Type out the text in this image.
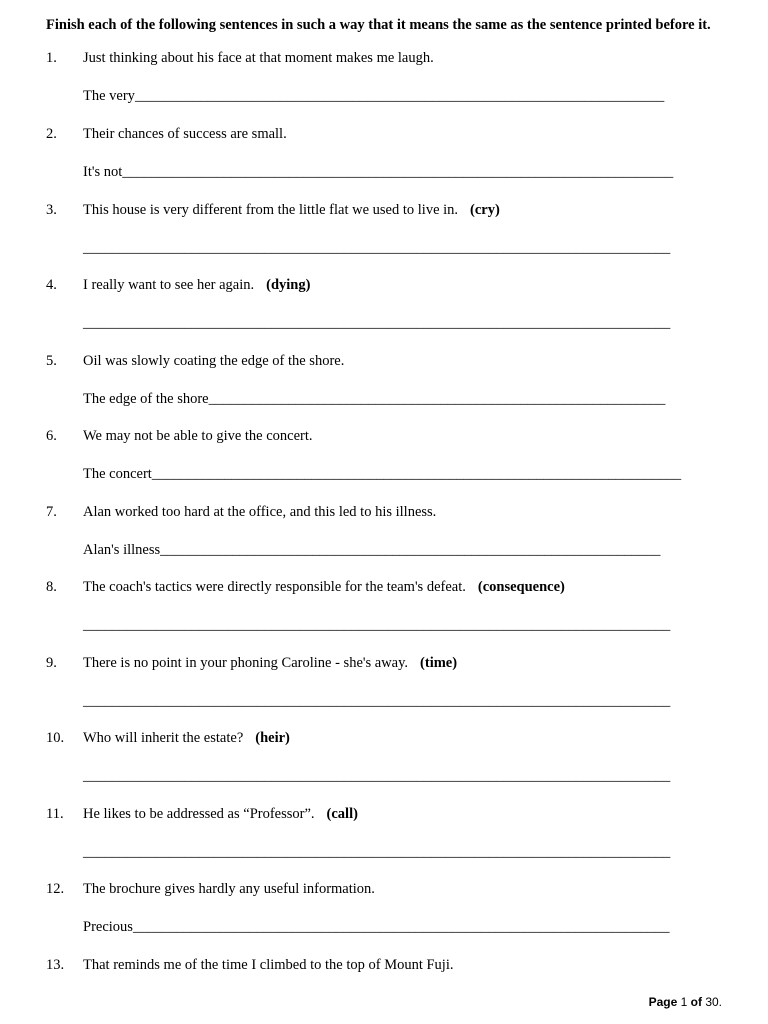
Finish each of the following sentences in such a way that it means the same as the sentence printed before it.
1. Just thinking about his face at that moment makes me laugh.
The very_________________________________________________________________________
2. Their chances of success are small.
It's not____________________________________________________________________________
3. This house is very different from the little flat we used to live in. (cry)
_________________________________________________________________________________
4. I really want to see her again. (dying)
_________________________________________________________________________________
5. Oil was slowly coating the edge of the shore.
The edge of the shore_______________________________________________________________
6. We may not be able to give the concert.
The concert_________________________________________________________________________
7. Alan worked too hard at the office, and this led to his illness.
Alan's illness_____________________________________________________________________
8. The coach's tactics were directly responsible for the team's defeat. (consequence)
_________________________________________________________________________________
9. There is no point in your phoning Caroline - she's away. (time)
_________________________________________________________________________________
10. Who will inherit the estate? (heir)
_________________________________________________________________________________
11. He likes to be addressed as “Professor”. (call)
_________________________________________________________________________________
12. The brochure gives hardly any useful information.
Precious__________________________________________________________________________
13. That reminds me of the time I climbed to the top of Mount Fuji.
Page 1 of 30.
